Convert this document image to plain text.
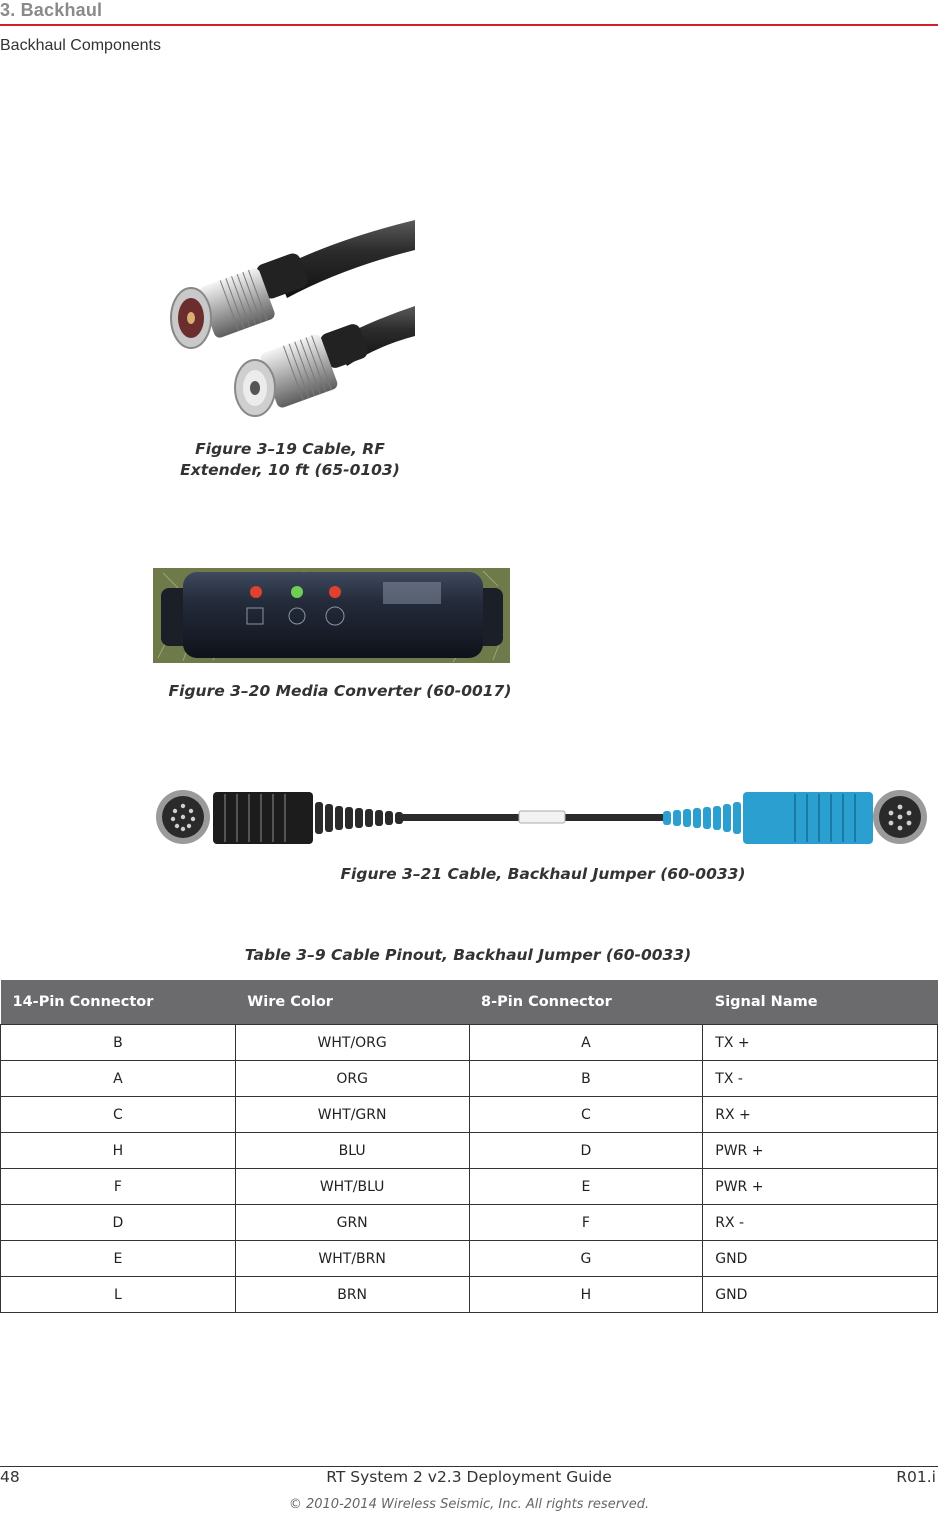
3. Backhaul
Backhaul Components
Figure 3–19 Cable, RF
Extender, 10 ft (65-0103)
Figure 3–20 Media Converter (60-0017)
Figure 3–21 Cable, Backhaul Jumper (60-0033)
Table 3–9 Cable Pinout, Backhaul Jumper (60-0033)
14-Pin Connector	Wire Color	8-Pin Connector	Signal Name
B	WHT/ORG	A	TX +
A	ORG	B	TX -
C	WHT/GRN	C	RX +
H	BLU	D	PWR +
F	WHT/BLU	E	PWR +
D	GRN	F	RX -
E	WHT/BRN	G	GND
L	BRN	H	GND
48	RT System 2 v2.3 Deployment Guide	R01.i
© 2010-2014 Wireless Seismic, Inc. All rights reserved.
